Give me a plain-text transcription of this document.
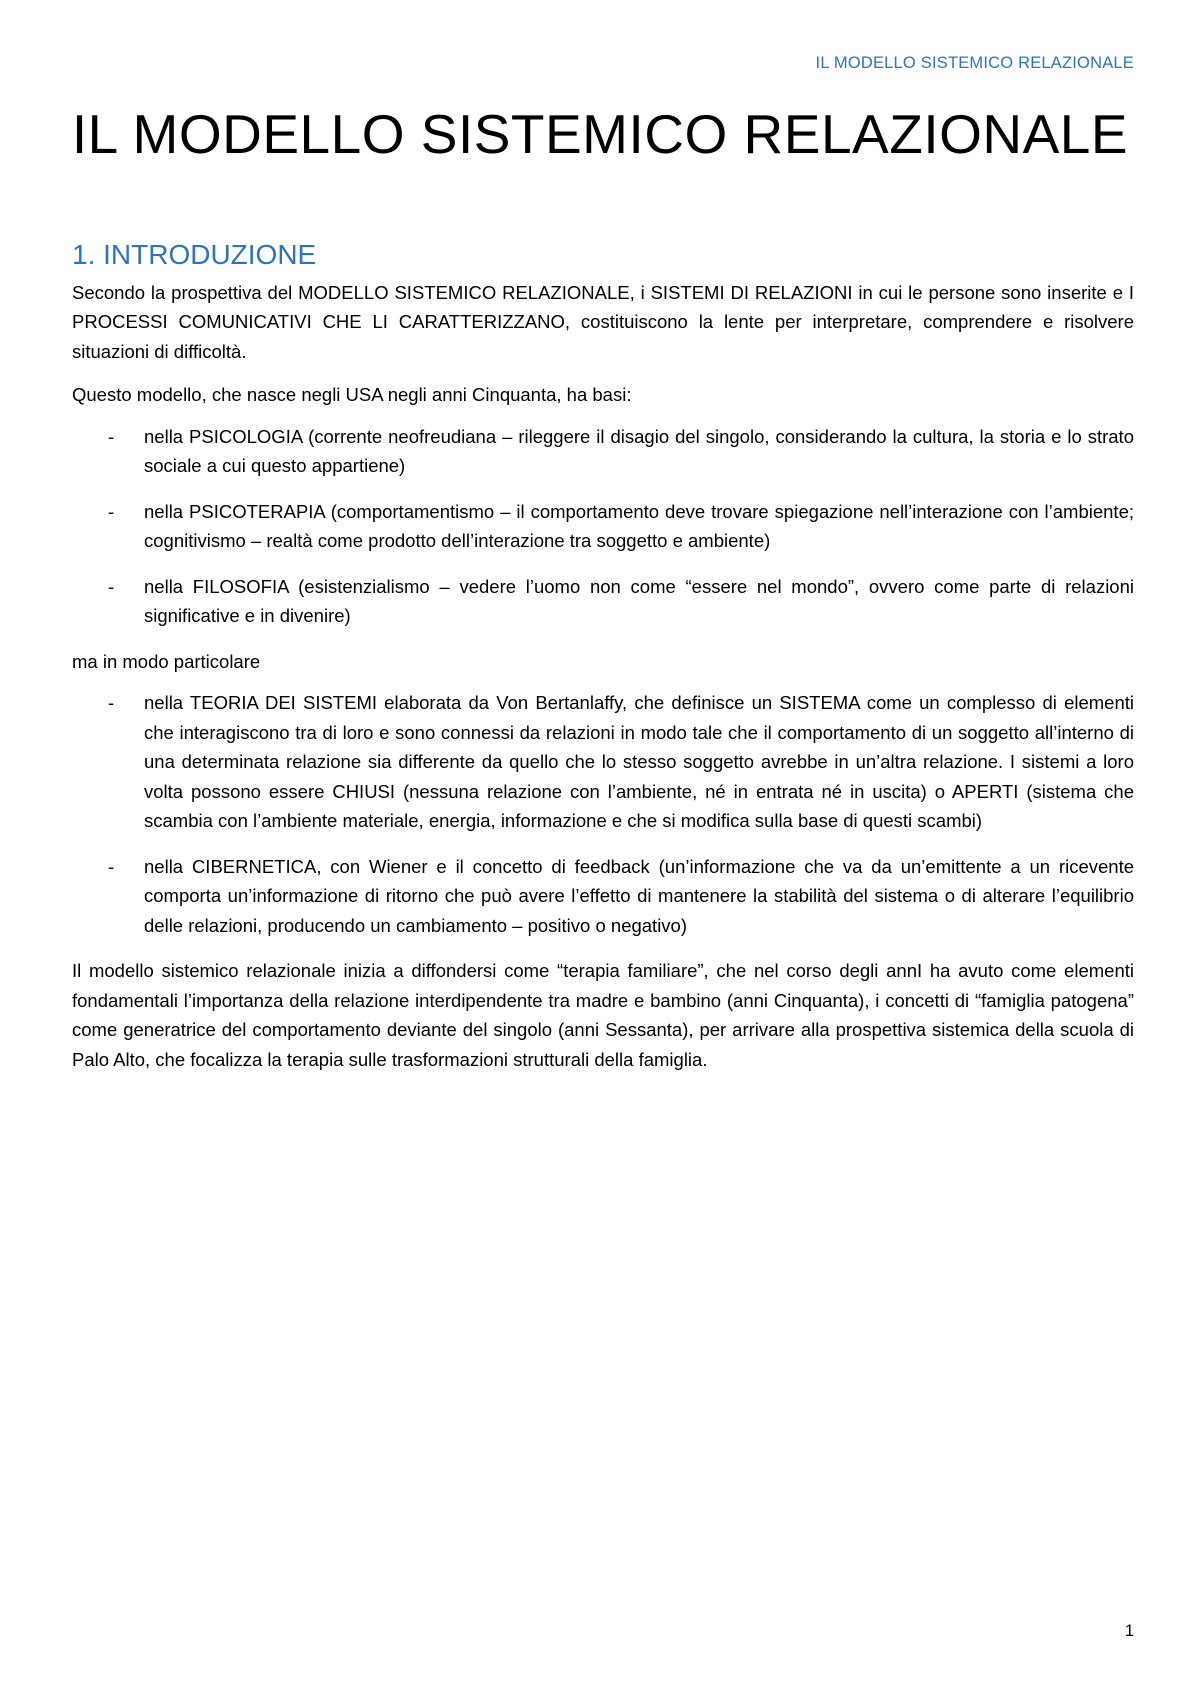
IL MODELLO SISTEMICO RELAZIONALE
IL MODELLO SISTEMICO RELAZIONALE
1. INTRODUZIONE

Secondo la prospettiva del MODELLO SISTEMICO RELAZIONALE, i SISTEMI DI RELAZIONI in cui le persone sono inserite e I PROCESSI COMUNICATIVI CHE LI CARATTERIZZANO, costituiscono la lente per interpretare, comprendere e risolvere situazioni di difficoltà.

Questo modello, che nasce negli USA negli anni Cinquanta, ha basi:

- nella PSICOLOGIA (corrente neofreudiana – rileggere il disagio del singolo, considerando la cultura, la storia e lo strato sociale a cui questo appartiene)
- nella PSICOTERAPIA (comportamentismo – il comportamento deve trovare spiegazione nell’interazione con l’ambiente; cognitivismo – realtà come prodotto dell’interazione tra soggetto e ambiente)
- nella FILOSOFIA (esistenzialismo – vedere l’uomo non come “essere nel mondo”, ovvero come parte di relazioni significative e in divenire)

ma in modo particolare

- nella TEORIA DEI SISTEMI elaborata da Von Bertanlaffy, che definisce un SISTEMA come un complesso di elementi che interagiscono tra di loro e sono connessi da relazioni in modo tale che il comportamento di un soggetto all’interno di una determinata relazione sia differente da quello che lo stesso soggetto avrebbe in un’altra relazione. I sistemi a loro volta possono essere CHIUSI (nessuna relazione con l’ambiente, né in entrata né in uscita) o APERTI (sistema che scambia con l’ambiente materiale, energia, informazione e che si modifica sulla base di questi scambi)
- nella CIBERNETICA, con Wiener e il concetto di feedback (un’informazione che va da un’emittente a un ricevente comporta un’informazione di ritorno che può avere l’effetto di mantenere la stabilità del sistema o di alterare l’equilibrio delle relazioni, producendo un cambiamento – positivo o negativo)

Il modello sistemico relazionale inizia a diffondersi come “terapia familiare”, che nel corso degli annI ha avuto come elementi fondamentali l’importanza della relazione interdipendente tra madre e bambino (anni Cinquanta), i concetti di “famiglia patogena” come generatrice del comportamento deviante del singolo (anni Sessanta), per arrivare alla prospettiva sistemica della scuola di Palo Alto, che focalizza la terapia sulle trasformazioni strutturali della famiglia.

1
